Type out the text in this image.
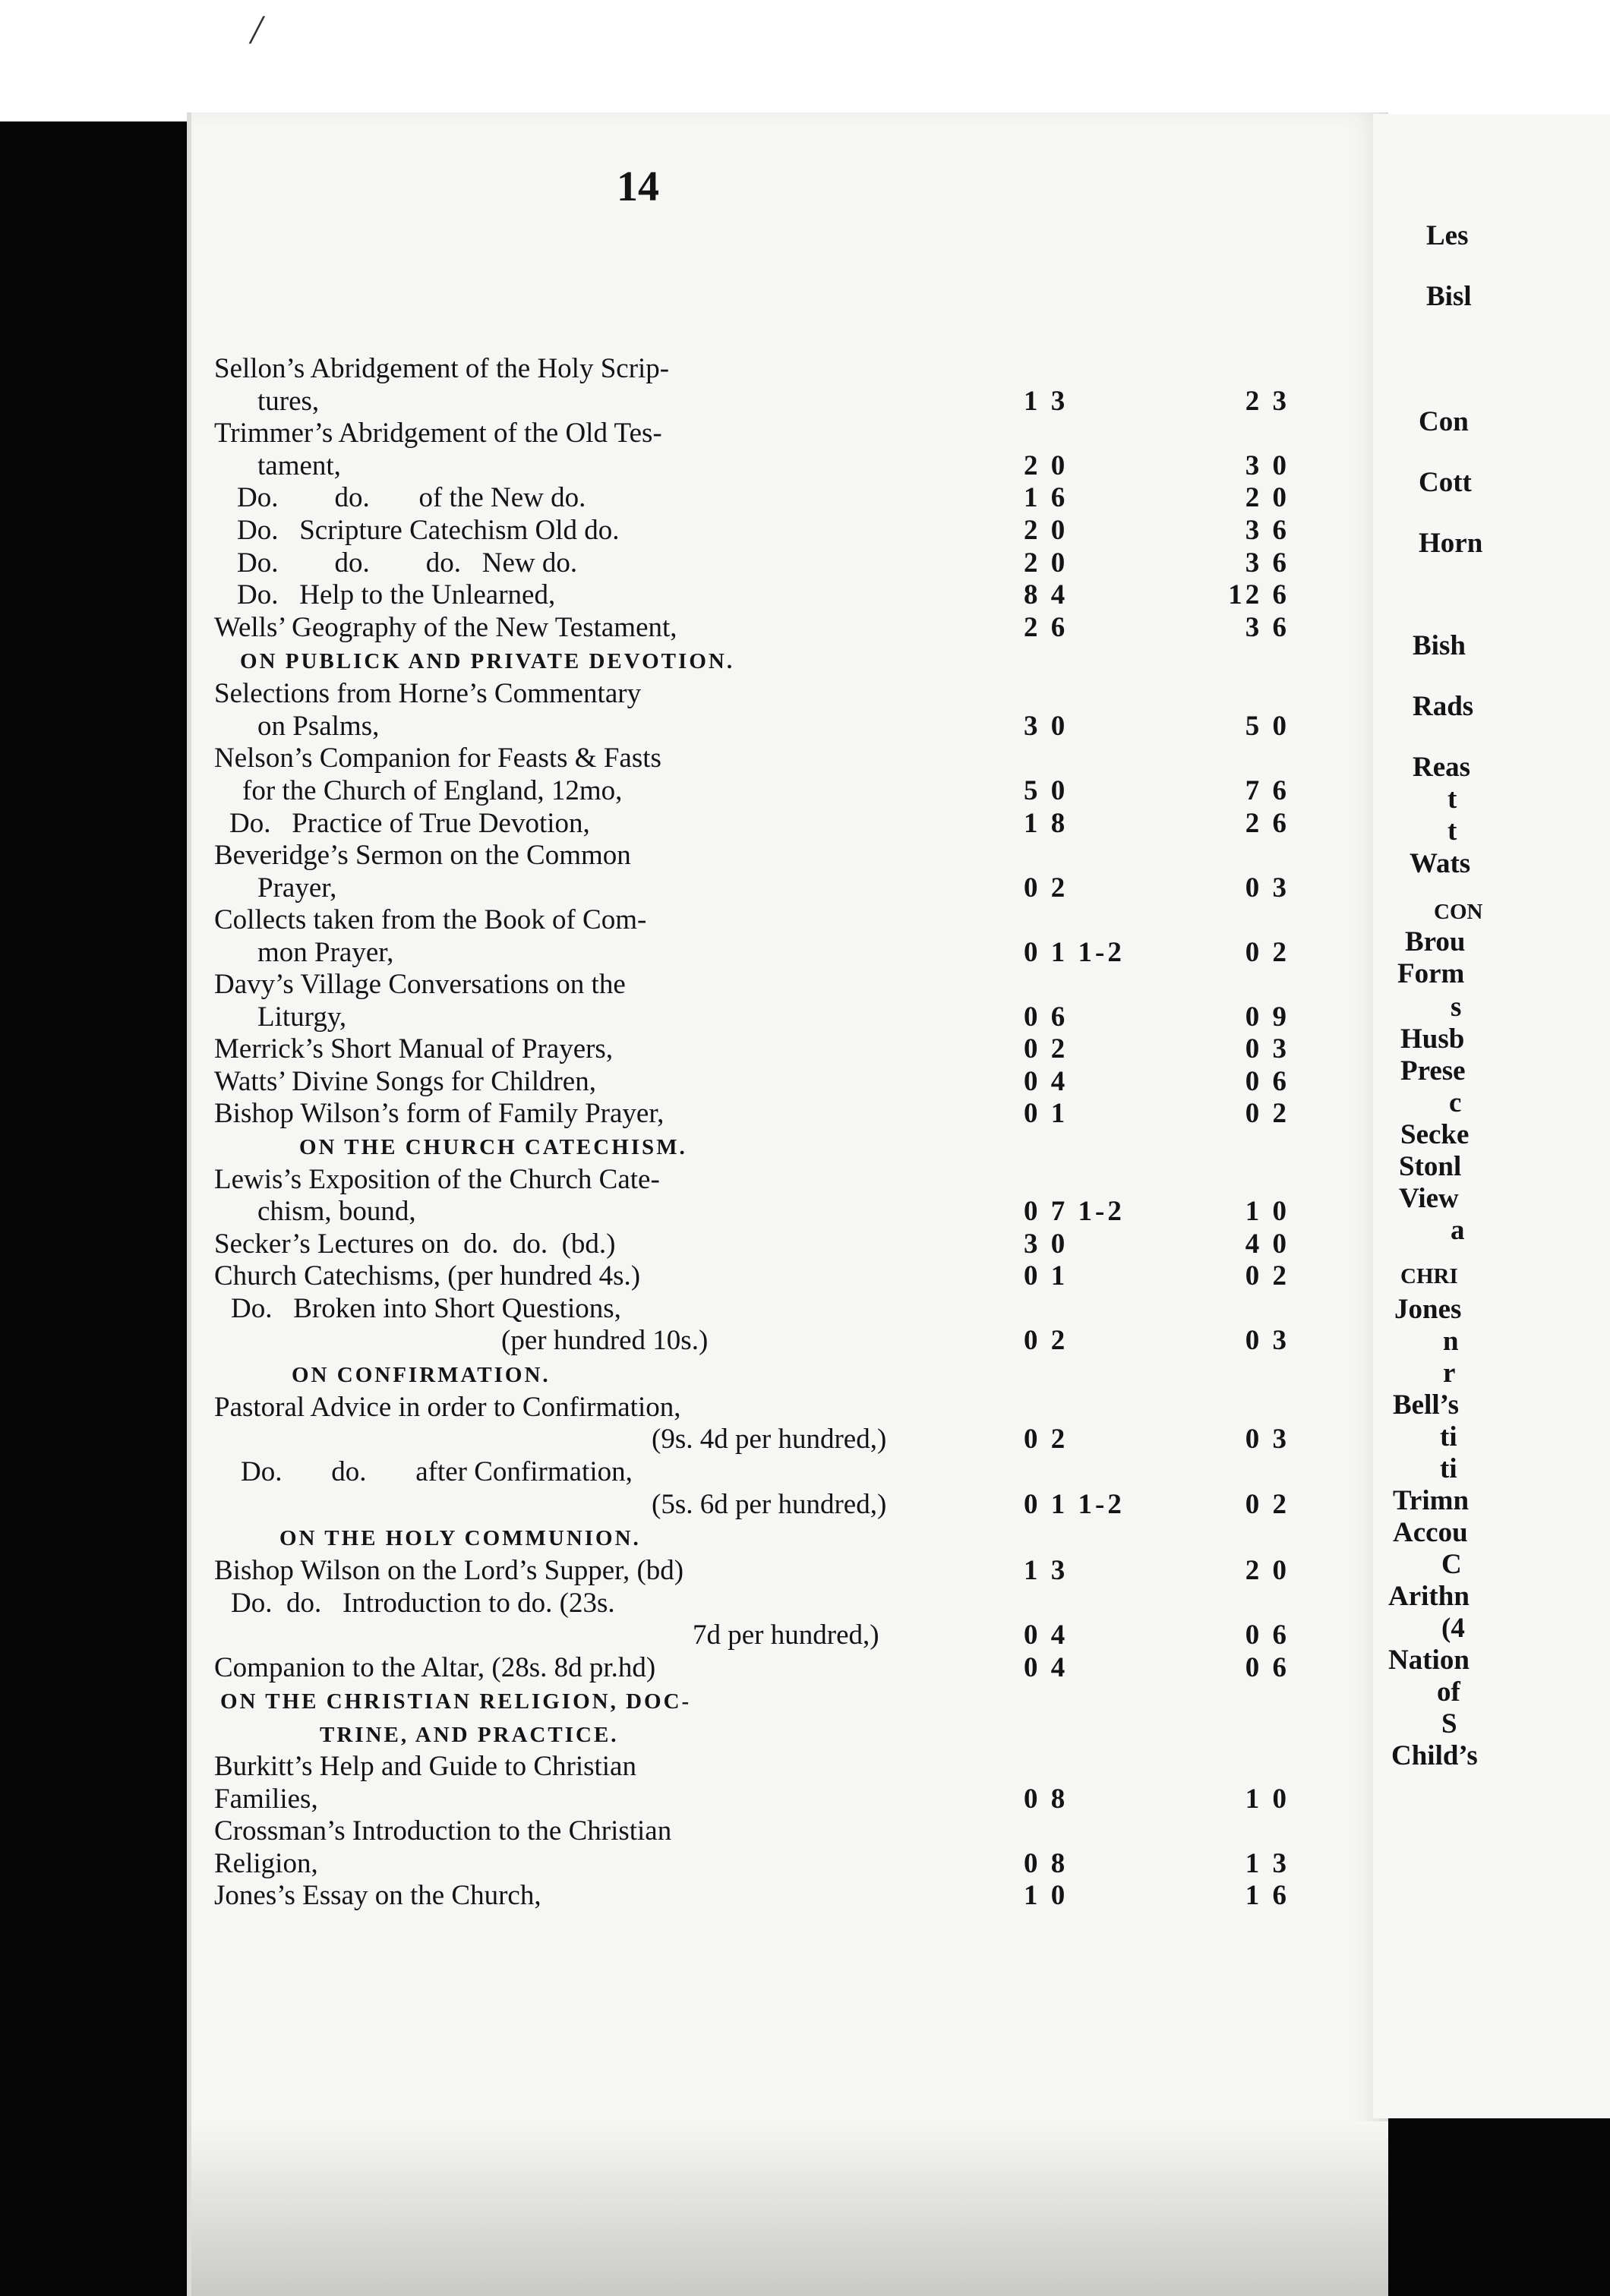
/
14
Sellon’s Abridgement of the Holy Scrip-
tures,	1 3	2 3
Trimmer’s Abridgement of the Old Tes-
tament,	2 0	3 0
Do.        do.       of the New do.	1 6	2 0
Do.   Scripture Catechism Old do.	2 0	3 6
Do.        do.        do.   New do.	2 0	3 6
Do.   Help to the Unlearned,	8 4	12 6
Wells’ Geography of the New Testament,	2 6	3 6
ON PUBLICK AND PRIVATE DEVOTION.
Selections from Horne’s Commentary
on Psalms,	3 0	5 0
Nelson’s Companion for Feasts & Fasts
for the Church of England, 12mo,	5 0	7 6
Do.   Practice of True Devotion,	1 8	2 6
Beveridge’s Sermon on the Common
Prayer,	0 2	0 3
Collects taken from the Book of Com-
mon Prayer,	0 1 1-2	0 2
Davy’s Village Conversations on the
Liturgy,	0 6	0 9
Merrick’s Short Manual of Prayers,	0 2	0 3
Watts’ Divine Songs for Children,	0 4	0 6
Bishop Wilson’s form of Family Prayer,	0 1	0 2
ON THE CHURCH CATECHISM.
Lewis’s Exposition of the Church Cate-
chism, bound,	0 7 1-2	1 0
Secker’s Lectures on  do.  do.  (bd.)	3 0	4 0
Church Catechisms, (per hundred 4s.)	0 1	0 2
Do.   Broken into Short Questions,
(per hundred 10s.)	0 2	0 3
ON CONFIRMATION.
Pastoral Advice in order to Confirmation,
(9s. 4d per hundred,)	0 2	0 3
Do.       do.       after Confirmation,
(5s. 6d per hundred,)	0 1 1-2	0 2
ON THE HOLY COMMUNION.
Bishop Wilson on the Lord’s Supper, (bd)	1 3	2 0
Do.  do.   Introduction to do. (23s.
7d per hundred,)	0 4	0 6
Companion to the Altar, (28s. 8d pr.hd)	0 4	0 6
ON THE CHRISTIAN RELIGION, DOC-
TRINE, AND PRACTICE.
Burkitt’s Help and Guide to Christian
Families,	0 8	1 0
Crossman’s Introduction to the Christian
Religion,	0 8	1 3
Jones’s Essay on the Church,	1 0	1 6
Les
Bisl
Con
Cott
Horn
Bish
Rads
Reas
t
t
Wats
CON
Brou
Form
s
Husb
Prese
c
Secke
Stonl
View
a
CHRI
Jones
n
r
Bell’s
ti
ti
Trimn
Accou
C
Arithn
(4
Nation
of
S
Child’s
